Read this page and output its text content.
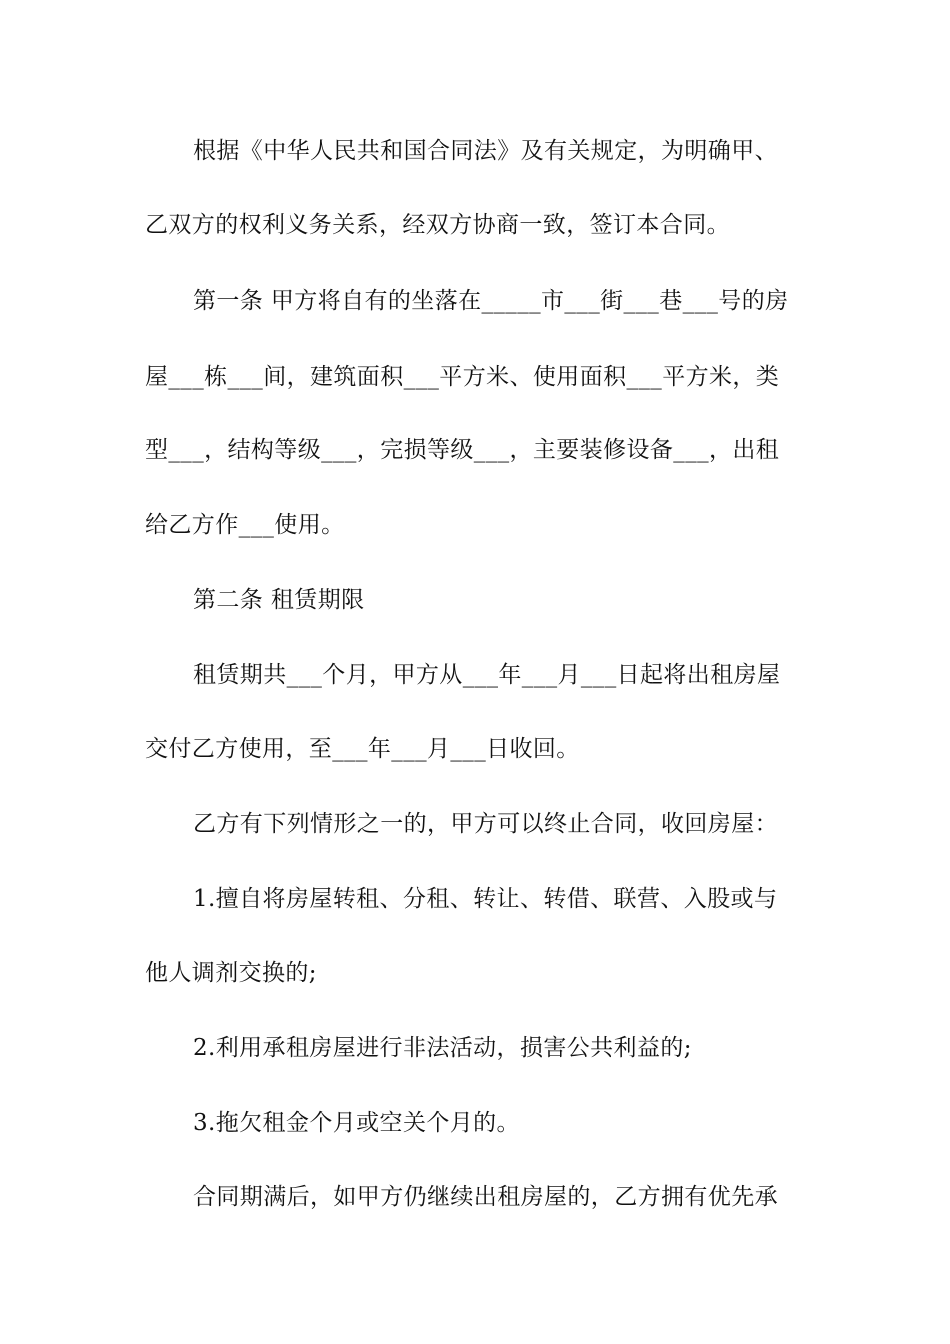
根据《中华人民共和国合同法》及有关规定，为明确甲、
乙双方的权利义务关系，经双方协商一致，签订本合同。
第一条 甲方将自有的坐落在_____市___街___巷___号的房
屋___栋___间，建筑面积___平方米、使用面积___平方米，类
型___，结构等级___，完损等级___，主要装修设备___，出租
给乙方作___使用。
第二条 租赁期限
租赁期共___个月，甲方从___年___月___日起将出租房屋
交付乙方使用，至___年___月___日收回。
乙方有下列情形之一的，甲方可以终止合同，收回房屋：
1.擅自将房屋转租、分租、转让、转借、联营、入股或与
他人调剂交换的;
2.利用承租房屋进行非法活动，损害公共利益的;
3.拖欠租金个月或空关个月的。
合同期满后，如甲方仍继续出租房屋的，乙方拥有优先承
